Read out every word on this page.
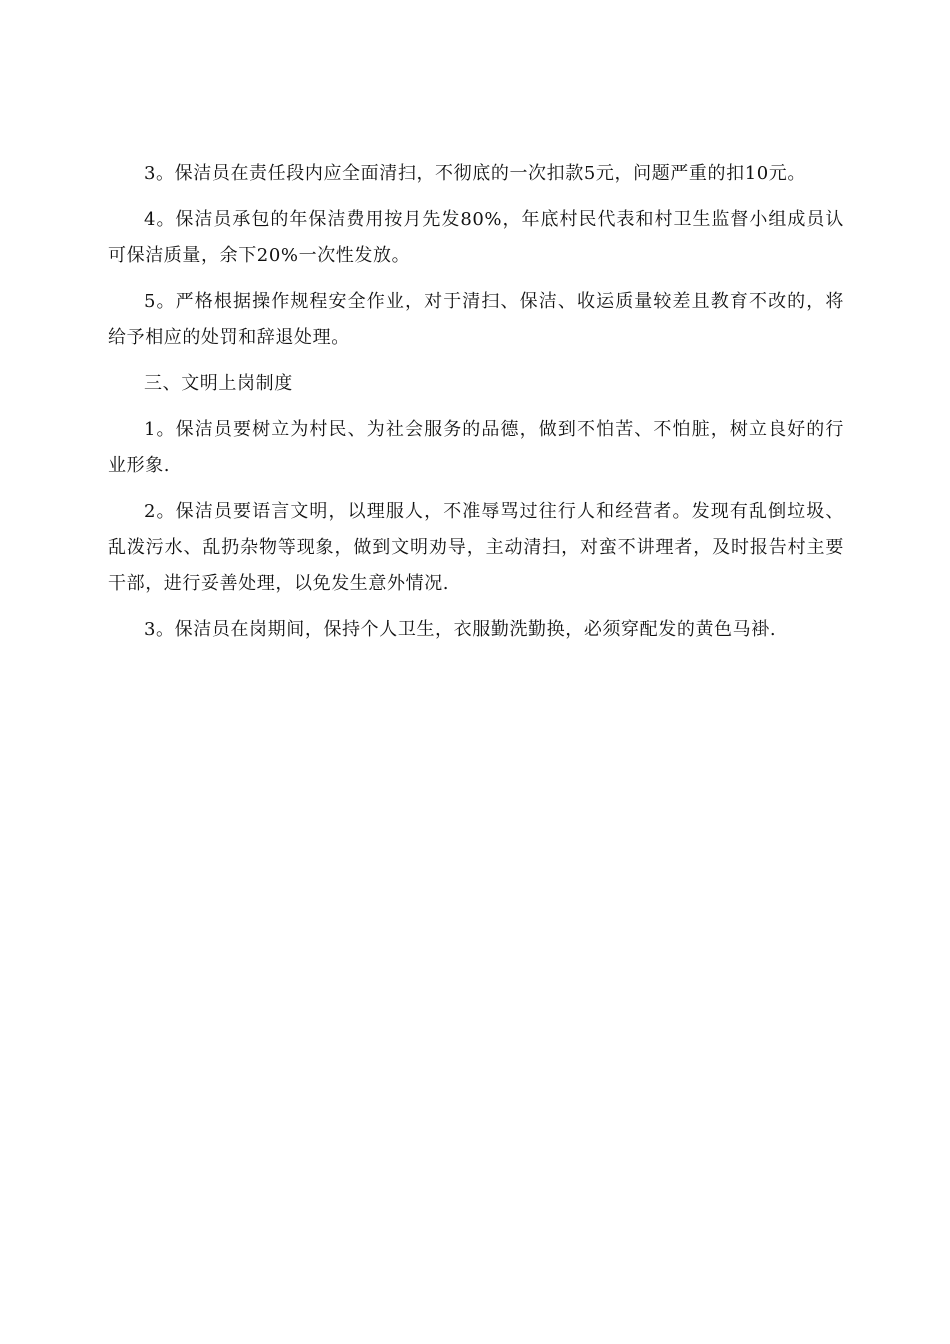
3。保洁员在责任段内应全面清扫，不彻底的一次扣款5元，问题严重的扣10元。

4。保洁员承包的年保洁费用按月先发80%，年底村民代表和村卫生监督小组成员认可保洁质量，余下20%一次性发放。

5。严格根据操作规程安全作业，对于清扫、保洁、收运质量较差且教育不改的，将给予相应的处罚和辞退处理。

三、文明上岗制度

1。保洁员要树立为村民、为社会服务的品德，做到不怕苦、不怕脏，树立良好的行业形象.

2。保洁员要语言文明，以理服人，不准辱骂过往行人和经营者。发现有乱倒垃圾、乱泼污水、乱扔杂物等现象，做到文明劝导，主动清扫，对蛮不讲理者，及时报告村主要干部，进行妥善处理，以免发生意外情况.

3。保洁员在岗期间，保持个人卫生，衣服勤洗勤换，必须穿配发的黄色马褂.
